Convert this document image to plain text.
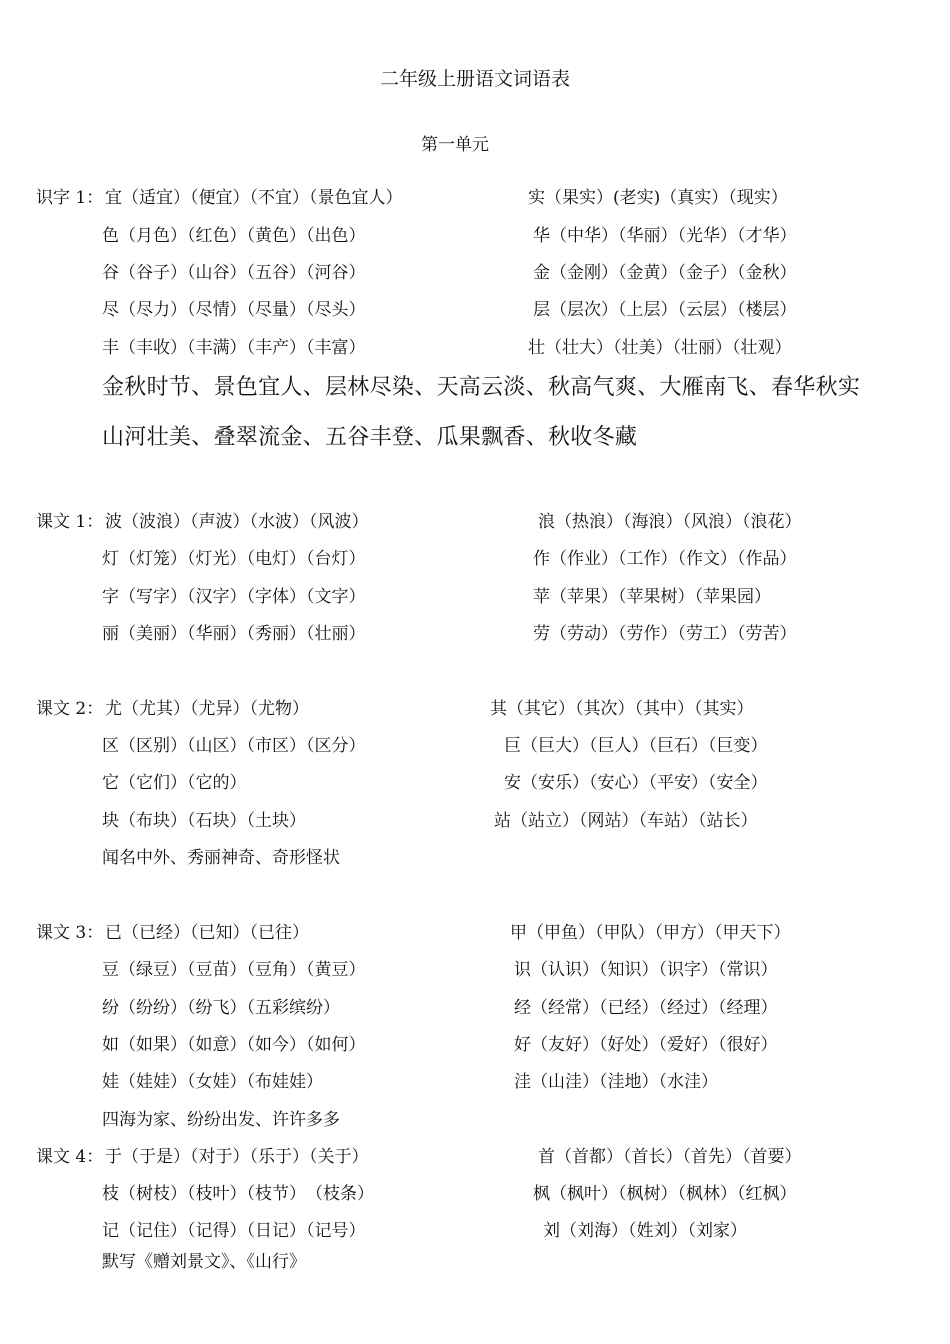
二年级上册语文词语表
第一单元
识字 1： 宜（适宜）（便宜）（不宜）（景色宜人）	实（果实）(老实)（真实）（现实）
色（月色）（红色）（黄色）（出色）	华（中华）（华丽）（光华）（才华）
谷（谷子）（山谷）（五谷）（河谷）	金（金刚）（金黄）（金子）（金秋）
尽（尽力）（尽情）（尽量）（尽头）	层（层次）（上层）（云层）（楼层）
丰（丰收）（丰满）（丰产）（丰富）	壮（壮大）（壮美）（壮丽）（壮观）
金秋时节、景色宜人、层林尽染、天高云淡、秋高气爽、大雁南飞、春华秋实
山河壮美、叠翠流金、五谷丰登、瓜果飘香、秋收冬藏
课文 1： 波（波浪）（声波）（水波）（风波）	浪（热浪）（海浪）（风浪）（浪花）
灯（灯笼）（灯光）（电灯）（台灯）	作（作业）（工作）（作文）（作品）
字（写字）（汉字）（字体）（文字）	苹（苹果）（苹果树）（苹果园）
丽（美丽）（华丽）（秀丽）（壮丽）	劳（劳动）（劳作）（劳工）（劳苦）
课文 2： 尤（尤其）（尤异）（尤物）	其（其它）（其次）（其中）（其实）
区（区别）（山区）（市区）（区分）	巨（巨大）（巨人）（巨石）（巨变）
它（它们）（它的）	安（安乐）（安心）（平安）（安全）
块（布块）（石块）（土块）	站（站立）（网站）（车站）（站长）
闻名中外、秀丽神奇、奇形怪状
课文 3： 已（已经）（已知）（已往）	甲（甲鱼）（甲队）（甲方）（甲天下）
豆（绿豆）（豆苗）（豆角）（黄豆）	识（认识）（知识）（识字）（常识）
纷（纷纷）（纷飞）（五彩缤纷）	经（经常）（已经）（经过）（经理）
如（如果）（如意）（如今）（如何）	好（友好）（好处）（爱好）（很好）
娃（娃娃）（女娃）（布娃娃）	洼（山洼）（洼地）（水洼）
四海为家、纷纷出发、许许多多
课文 4： 于（于是）（对于）（乐于）（关于）	首（首都）（首长）（首先）（首要）
枝（树枝）（枝叶）（枝节）　（枝条）	枫（枫叶）（枫树）（枫林）（红枫）
记（记住）（记得）（日记）（记号）	刘（刘海）（姓刘）（刘家）
默写《赠刘景文》、《山行》
